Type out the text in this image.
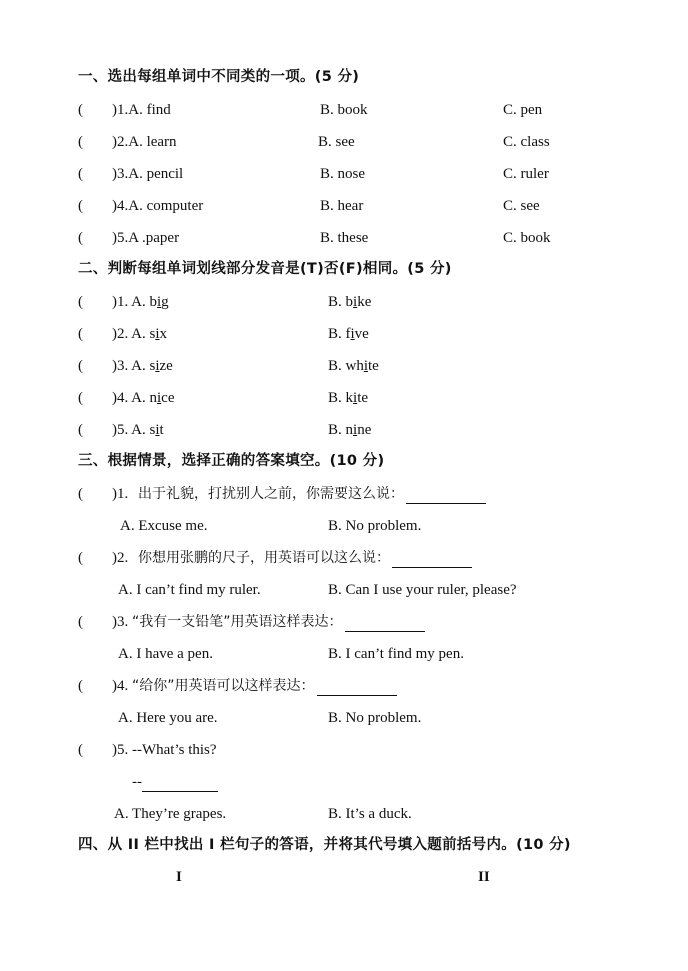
一、选出每组单词中不同类的一项。(5 分)
( )1.A. find	B. book	C. pen
( )2.A. learn	B. see	C. class
( )3.A. pencil	B. nose	C. ruler
( )4.A. computer	B. hear	C. see
( )5.A .paper	B. these	C. book
二、判断每组单词划线部分发音是(T)否(F)相同。(5 分)
( )1. A. big	B. bike
( )2. A. six	B. five
( )3. A. size	B. white
( )4. A. nice	B. kite
( )5. A. sit	B. nine
三、根据情景，选择正确的答案填空。(10 分)
( )1. 出于礼貌，打扰别人之前，你需要这么说：
A. Excuse me.	B. No problem.
( )2. 你想用张鹏的尺子，用英语可以这么说：
A. I can’t find my ruler.	B. Can I use your ruler, please?
( )3. “我有一支铅笔”用英语这样表达：
A. I have a pen.	B. I can’t find my pen.
( )4. “给你”用英语可以这样表达：
A. Here you are.	B. No problem.
( )5. --What’s this?
--
A. They’re grapes.	B. It’s a duck.
四、从 II 栏中找出 I 栏句子的答语，并将其代号填入题前括号内。(10 分)
I	II
